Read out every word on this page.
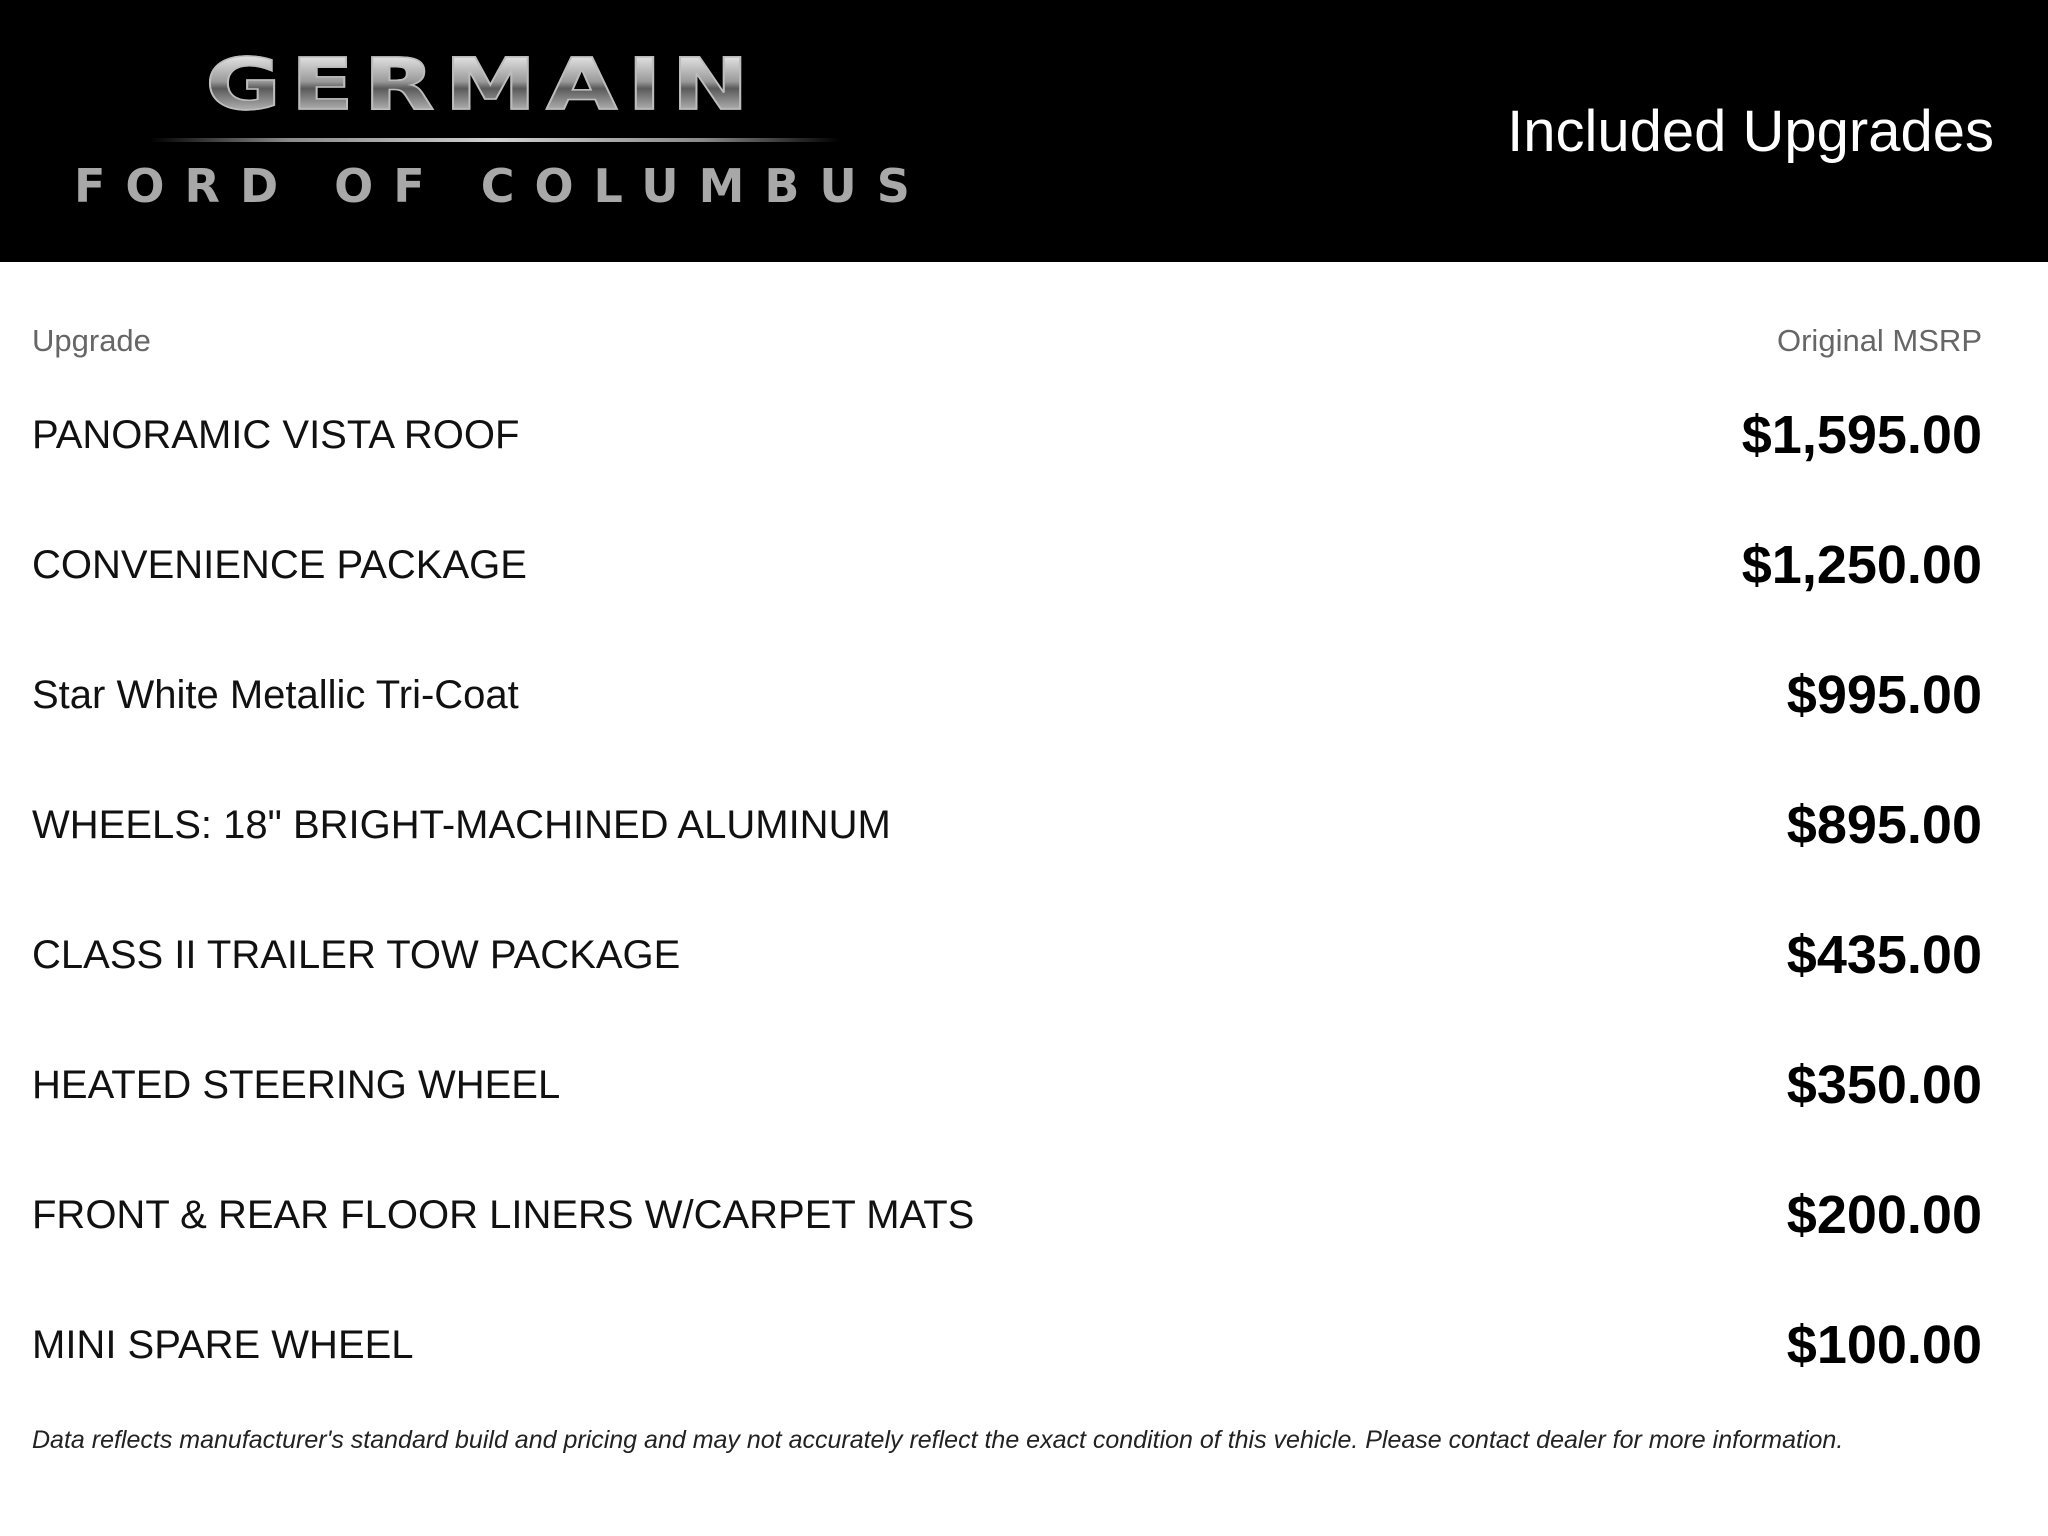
GERMAIN
FORD OF COLUMBUS
Included Upgrades
Upgrade	Original MSRP
PANORAMIC VISTA ROOF	$1,595.00
CONVENIENCE PACKAGE	$1,250.00
Star White Metallic Tri-Coat	$995.00
WHEELS: 18" BRIGHT-MACHINED ALUMINUM	$895.00
CLASS II TRAILER TOW PACKAGE	$435.00
HEATED STEERING WHEEL	$350.00
FRONT & REAR FLOOR LINERS W/CARPET MATS	$200.00
MINI SPARE WHEEL	$100.00
Data reflects manufacturer's standard build and pricing and may not accurately reflect the exact condition of this vehicle. Please contact dealer for more information.
